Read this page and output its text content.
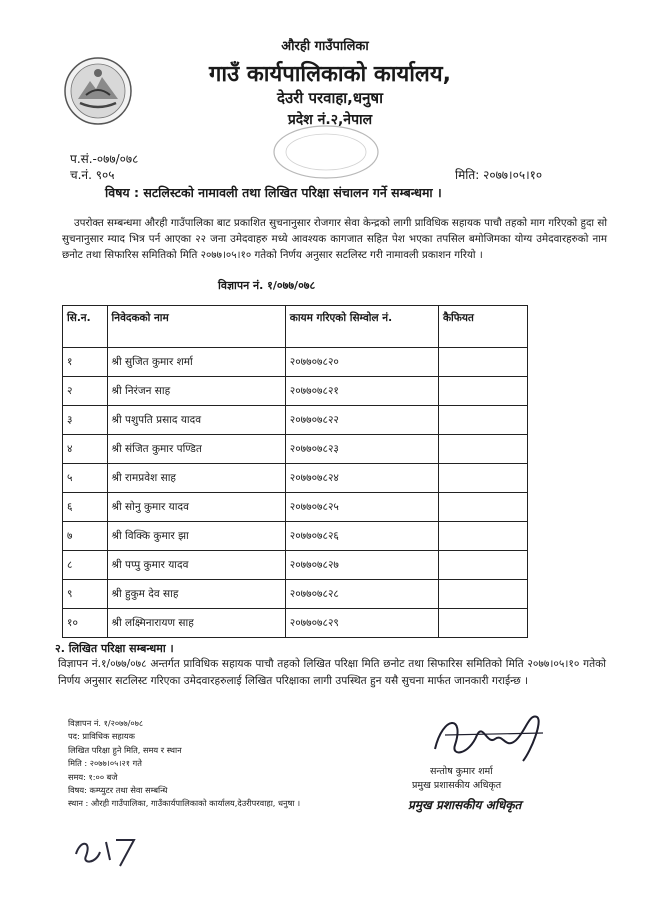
औरही गाउँपालिका
गाउँ कार्यपालिकाको कार्यालय,
देउरी परवाहा,धनुषा
प्रदेश नं.२,नेपाल
प.सं.-०७७/०७८
च.नं. ९०५	मिति: २०७७।०५।१०
विषय : सटलिस्टको नामावली तथा लिखित परिक्षा संचालन गर्ने सम्बन्धमा ।
उपरोक्त सम्बन्धमा औरही गाउँपालिका बाट प्रकाशित सुचनानुसार रोजगार सेवा केन्द्रको लागी प्राविधिक सहायक पाचौ तहको माग गरिएको हुदा सो सुचनानुसार म्याद भित्र पर्न आएका २२ जना उमेदवाहरु मध्ये आवश्यक कागजात सहित पेश भएका तपसिल बमोजिमका योग्य उमेदवारहरुको नाम छनोट तथा सिफारिस समितिको मिति २०७७।०५।१० गतेको निर्णय अनुसार सटलिस्ट गरी नामावली प्रकाशन गरियो ।
विज्ञापन नं. १/०७७/०७८
सि.न.	निवेदकको नाम	कायम गरिएको सिम्वोल नं.	कैफियत
१	श्री सुजित कुमार शर्मा	२०७७०७८२०	
२	श्री निरंजन साह	२०७७०७८२१	
३	श्री पशुपति प्रसाद यादव	२०७७०७८२२	
४	श्री संजित कुमार पण्डित	२०७७०७८२३	
५	श्री रामप्रवेश साह	२०७७०७८२४	
६	श्री सोनु कुमार यादव	२०७७०७८२५	
७	श्री विक्कि कुमार झा	२०७७०७८२६	
८	श्री पप्पु कुमार यादव	२०७७०७८२७	
९	श्री हुकुम देव साह	२०७७०७८२८	
१०	श्री लक्ष्मिनारायण साह	२०७७०७८२९	
२. लिखित परिक्षा सम्बन्धमा ।
विज्ञापन नं.१/०७७/०७८ अन्तर्गत प्राविधिक सहायक पाचौ तहको लिखित परिक्षा मिति छनोट तथा सिफारिस समितिको मिति २०७७।०५।१० गतेको निर्णय अनुसार सटलिस्ट गरिएका उमेदवारहरुलाई लिखित परिक्षाका लागी उपस्थित हुन यसै सुचना मार्फत जानकारी गराईन्छ ।
विज्ञापन नं. १/२०७७/०७८
पद: प्राविधिक सहायक
लिखित परिक्षा हुने मिति, समय र स्थान
मिति : २०७७।०५।२१ गते
समय: १:०० बजे
विषय: कम्प्युटर तथा सेवा सम्बन्धि
स्थान : औरही गाउँपालिका, गाउँकार्यपालिकाको कार्यालय,देउरीपरवाहा, धनुषा ।
सन्तोष कुमार शर्मा
प्रमुख प्रशासकीय अधिकृत
प्रमुख प्रशासकीय अधिकृत
